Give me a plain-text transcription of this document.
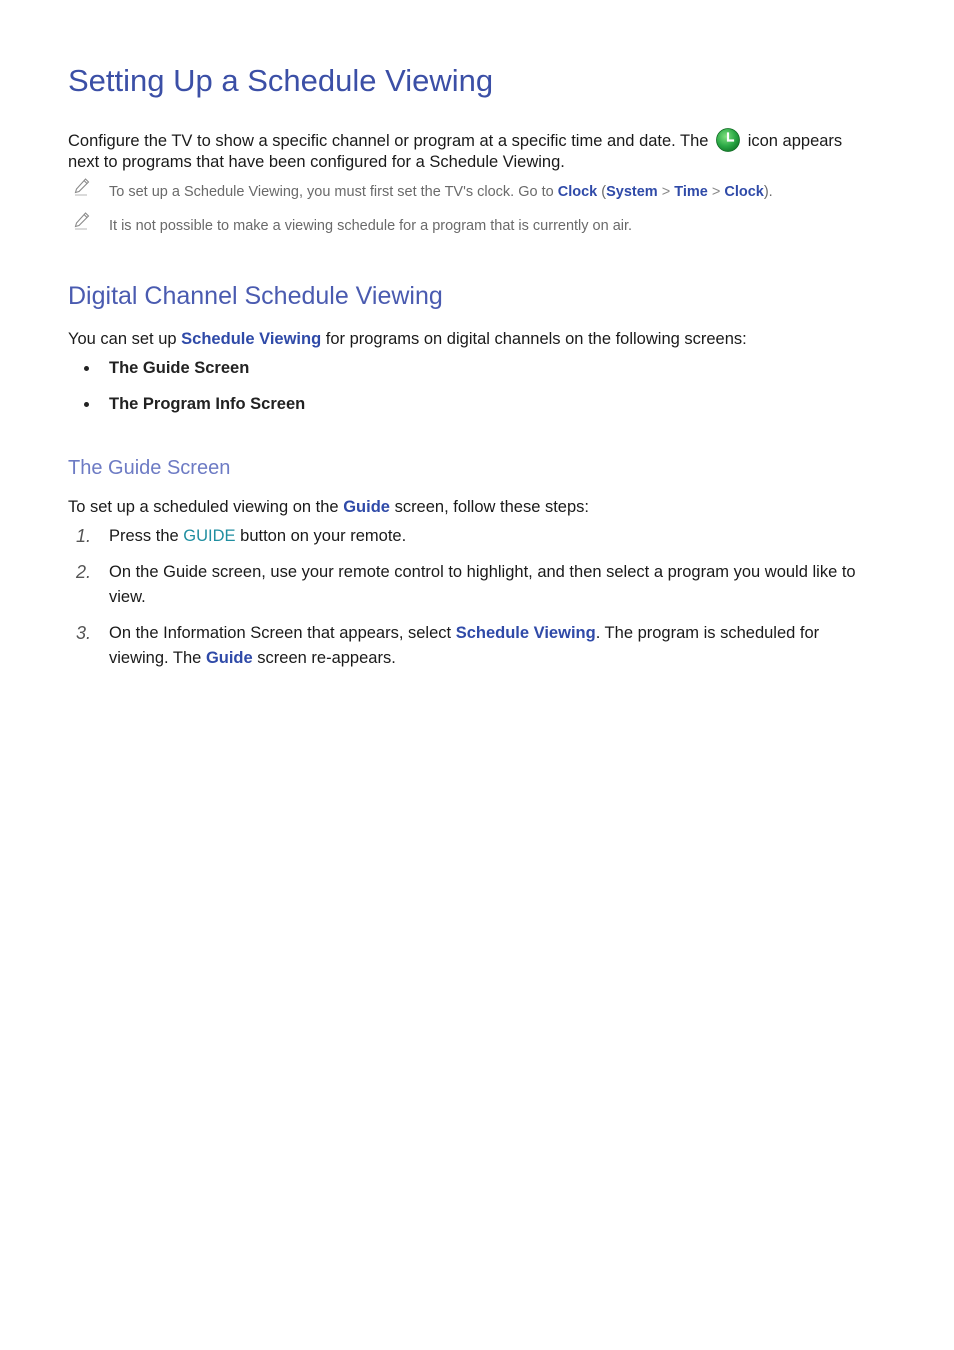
Setting Up a Schedule Viewing
Configure the TV to show a specific channel or program at a specific time and date. The icon appears next to programs that have been configured for a Schedule Viewing.
To set up a Schedule Viewing, you must first set the TV's clock. Go to Clock (System > Time > Clock).
It is not possible to make a viewing schedule for a program that is currently on air.
Digital Channel Schedule Viewing
You can set up Schedule Viewing for programs on digital channels on the following screens:
The Guide Screen
The Program Info Screen
The Guide Screen
To set up a scheduled viewing on the Guide screen, follow these steps:
1. Press the GUIDE button on your remote.
2. On the Guide screen, use your remote control to highlight, and then select a program you would like to view.
3. On the Information Screen that appears, select Schedule Viewing. The program is scheduled for viewing. The Guide screen re-appears.
